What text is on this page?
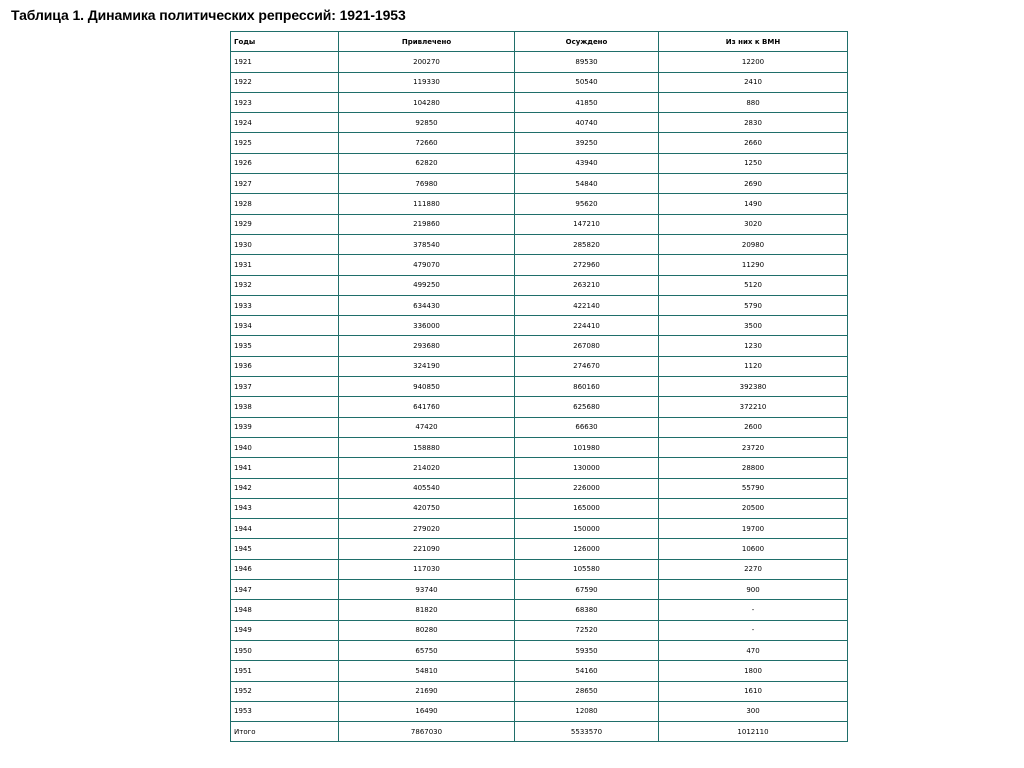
Таблица 1. Динамика политических репрессий: 1921-1953
Годы	Привлечено	Осуждено	Из них к ВМН
1921	200270	89530	12200
1922	119330	50540	2410
1923	104280	41850	880
1924	92850	40740	2830
1925	72660	39250	2660
1926	62820	43940	1250
1927	76980	54840	2690
1928	111880	95620	1490
1929	219860	147210	3020
1930	378540	285820	20980
1931	479070	272960	11290
1932	499250	263210	5120
1933	634430	422140	5790
1934	336000	224410	3500
1935	293680	267080	1230
1936	324190	274670	1120
1937	940850	860160	392380
1938	641760	625680	372210
1939	47420	66630	2600
1940	158880	101980	23720
1941	214020	130000	28800
1942	405540	226000	55790
1943	420750	165000	20500
1944	279020	150000	19700
1945	221090	126000	10600
1946	117030	105580	2270
1947	93740	67590	900
1948	81820	68380	-
1949	80280	72520	-
1950	65750	59350	470
1951	54810	54160	1800
1952	21690	28650	1610
1953	16490	12080	300
Итого	7867030	5533570	1012110
